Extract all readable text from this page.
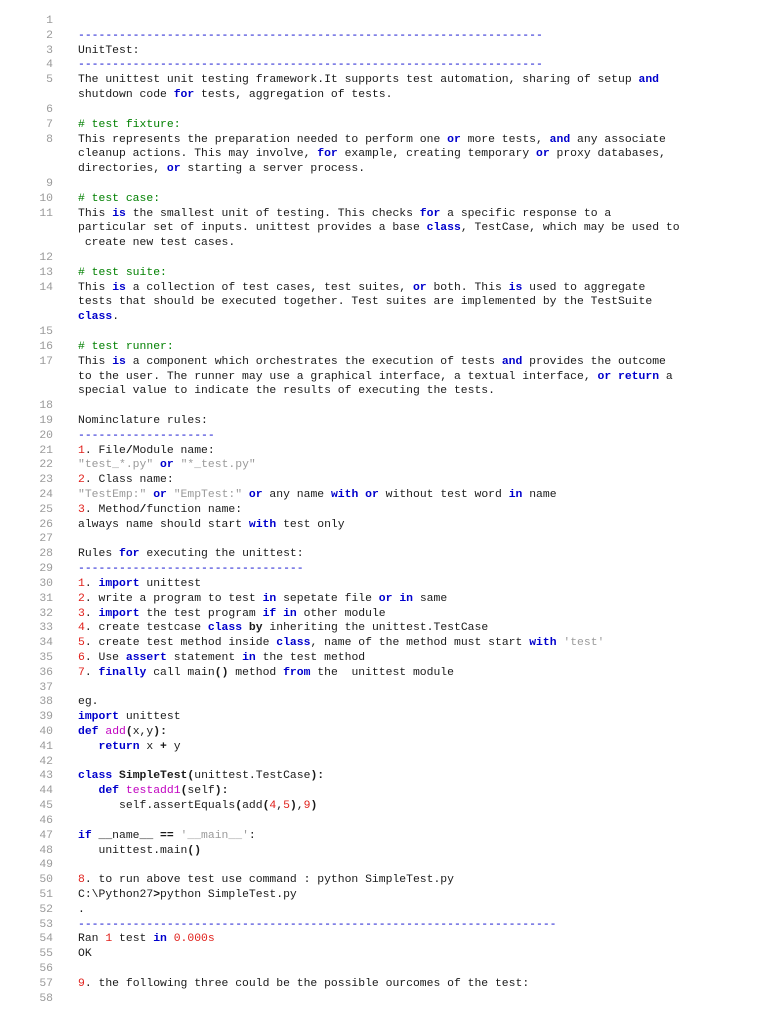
1
2	--------------------------------------------------------------------
3	UnitTest:
4	--------------------------------------------------------------------
5	The unittest unit testing framework.It supports test automation, sharing of setup and
shutdown code for tests, aggregation of tests.
6
7	# test fixture:
8	This represents the preparation needed to perform one or more tests, and any associate
cleanup actions. This may involve, for example, creating temporary or proxy databases,
directories, or starting a server process.
9
10	# test case:
11	This is the smallest unit of testing. This checks for a specific response to a
particular set of inputs. unittest provides a base class, TestCase, which may be used to
create new test cases.
12
13	# test suite:
14	This is a collection of test cases, test suites, or both. This is used to aggregate
tests that should be executed together. Test suites are implemented by the TestSuite
class.
15
16	# test runner:
17	This is a component which orchestrates the execution of tests and provides the outcome
to the user. The runner may use a graphical interface, a textual interface, or return a
special value to indicate the results of executing the tests.
18
19	Nominclature rules:
20	--------------------
21	1. File/Module name:
22	"test_*.py" or "*_test.py"
23	2. Class name:
24	"TestEmp:" or "EmpTest:" or any name with or without test word in name
25	3. Method/function name:
26	always name should start with test only
27
28	Rules for executing the unittest:
29	---------------------------------
30	1. import unittest
31	2. write a program to test in sepetate file or in same
32	3. import the test program if in other module
33	4. create testcase class by inheriting the unittest.TestCase
34	5. create test method inside class, name of the method must start with 'test'
35	6. Use assert statement in the test method
36	7. finally call main() method from the  unittest module
37
38	eg.
39	import unittest
40	def add(x,y):
41	return x + y
42
43	class SimpleTest(unittest.TestCase):
44	def testadd1(self):
45	self.assertEquals(add(4,5),9)
46
47	if __name__ == '__main__':
48	unittest.main()
49
50	8. to run above test use command : python SimpleTest.py
51	C:\Python27>python SimpleTest.py
52	.
53	----------------------------------------------------------------------
54	Ran 1 test in 0.000s
55	OK
56
57	9. the following three could be the possible ourcomes of the test:
58
